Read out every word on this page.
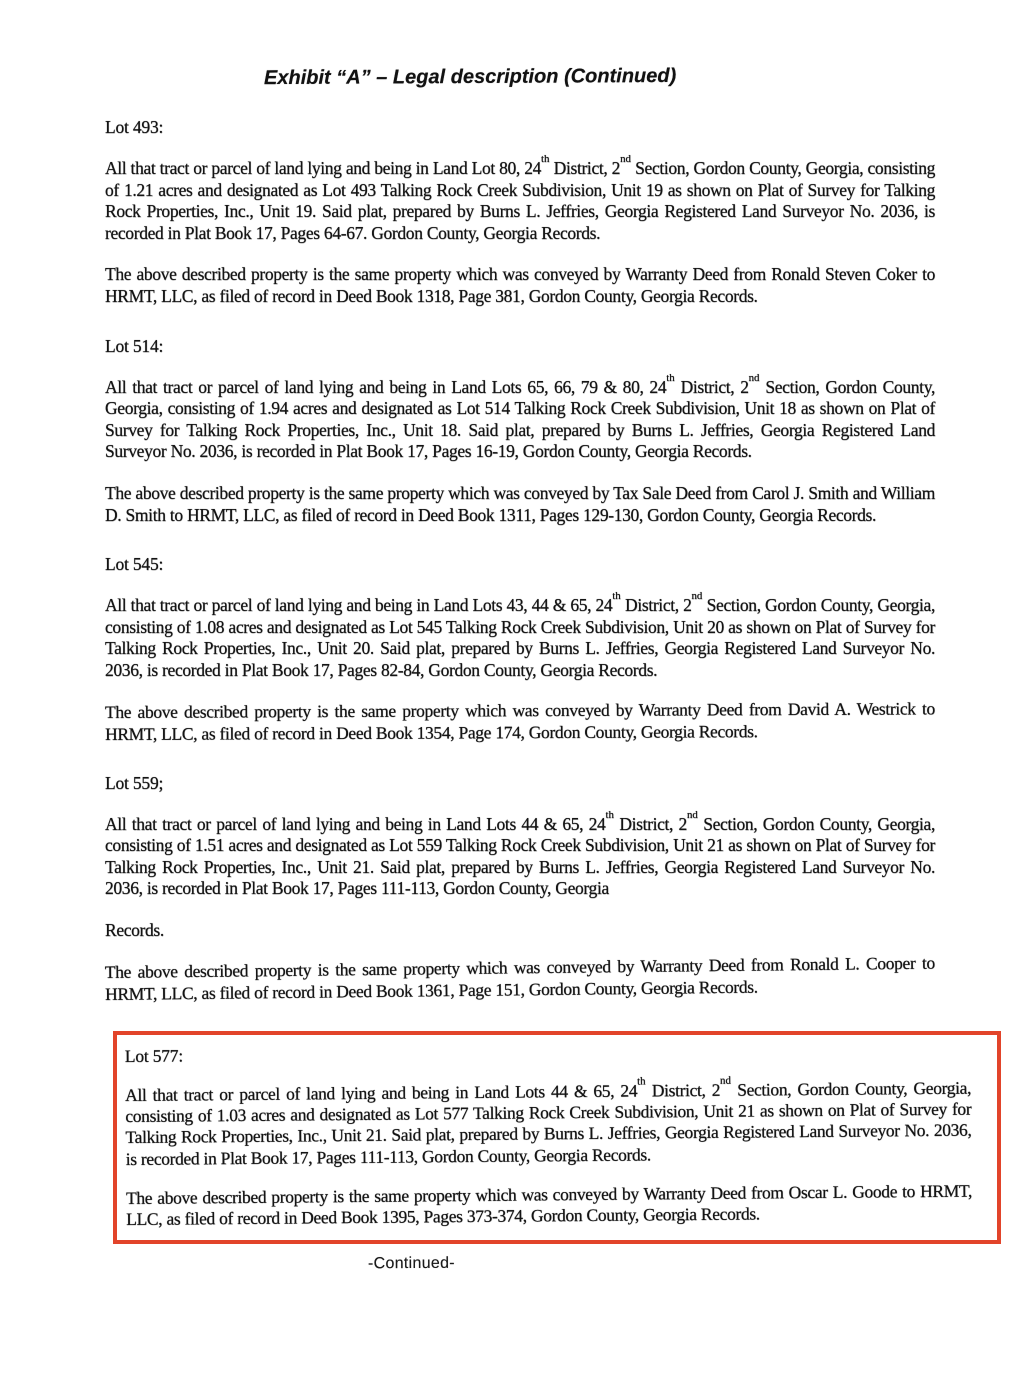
Exhibit “A” – Legal description (Continued)
Lot 493:

All that tract or parcel of land lying and being in Land Lot 80, 24th District, 2nd Section, Gordon County, Georgia, consisting of 1.21 acres and designated as Lot 493 Talking Rock Creek Subdivision, Unit 19 as shown on Plat of Survey for Talking Rock Properties, Inc., Unit 19. Said plat, prepared by Burns L. Jeffries, Georgia Registered Land Surveyor No. 2036, is recorded in Plat Book 17, Pages 64-67. Gordon County, Georgia Records.

The above described property is the same property which was conveyed by Warranty Deed from Ronald Steven Coker to HRMT, LLC, as filed of record in Deed Book 1318, Page 381, Gordon County, Georgia Records.

Lot 514:

All that tract or parcel of land lying and being in Land Lots 65, 66, 79 & 80, 24th District, 2nd Section, Gordon County, Georgia, consisting of 1.94 acres and designated as Lot 514 Talking Rock Creek Subdivision, Unit 18 as shown on Plat of Survey for Talking Rock Properties, Inc., Unit 18. Said plat, prepared by Burns L. Jeffries, Georgia Registered Land Surveyor No. 2036, is recorded in Plat Book 17, Pages 16-19, Gordon County, Georgia Records.

The above described property is the same property which was conveyed by Tax Sale Deed from Carol J. Smith and William D. Smith to HRMT, LLC, as filed of record in Deed Book 1311, Pages 129-130, Gordon County, Georgia Records.

Lot 545:

All that tract or parcel of land lying and being in Land Lots 43, 44 & 65, 24th District, 2nd Section, Gordon County, Georgia, consisting of 1.08 acres and designated as Lot 545 Talking Rock Creek Subdivision, Unit 20 as shown on Plat of Survey for Talking Rock Properties, Inc., Unit 20. Said plat, prepared by Burns L. Jeffries, Georgia Registered Land Surveyor No. 2036, is recorded in Plat Book 17, Pages 82-84, Gordon County, Georgia Records.

The above described property is the same property which was conveyed by Warranty Deed from David A. Westrick to HRMT, LLC, as filed of record in Deed Book 1354, Page 174, Gordon County, Georgia Records.

Lot 559;

All that tract or parcel of land lying and being in Land Lots 44 & 65, 24th District, 2nd Section, Gordon County, Georgia, consisting of 1.51 acres and designated as Lot 559 Talking Rock Creek Subdivision, Unit 21 as shown on Plat of Survey for Talking Rock Properties, Inc., Unit 21. Said plat, prepared by Burns L. Jeffries, Georgia Registered Land Surveyor No. 2036, is recorded in Plat Book 17, Pages 111-113, Gordon County, Georgia

Records.

The above described property is the same property which was conveyed by Warranty Deed from Ronald L. Cooper to HRMT, LLC, as filed of record in Deed Book 1361, Page 151, Gordon County, Georgia Records.

Lot 577:

All that tract or parcel of land lying and being in Land Lots 44 & 65, 24th District, 2nd Section, Gordon County, Georgia, consisting of 1.03 acres and designated as Lot 577 Talking Rock Creek Subdivision, Unit 21 as shown on Plat of Survey for Talking Rock Properties, Inc., Unit 21. Said plat, prepared by Burns L. Jeffries, Georgia Registered Land Surveyor No. 2036, is recorded in Plat Book 17, Pages 111-113, Gordon County, Georgia Records.

The above described property is the same property which was conveyed by Warranty Deed from Oscar L. Goode to HRMT, LLC, as filed of record in Deed Book 1395, Pages 373-374, Gordon County, Georgia Records.

-Continued-
